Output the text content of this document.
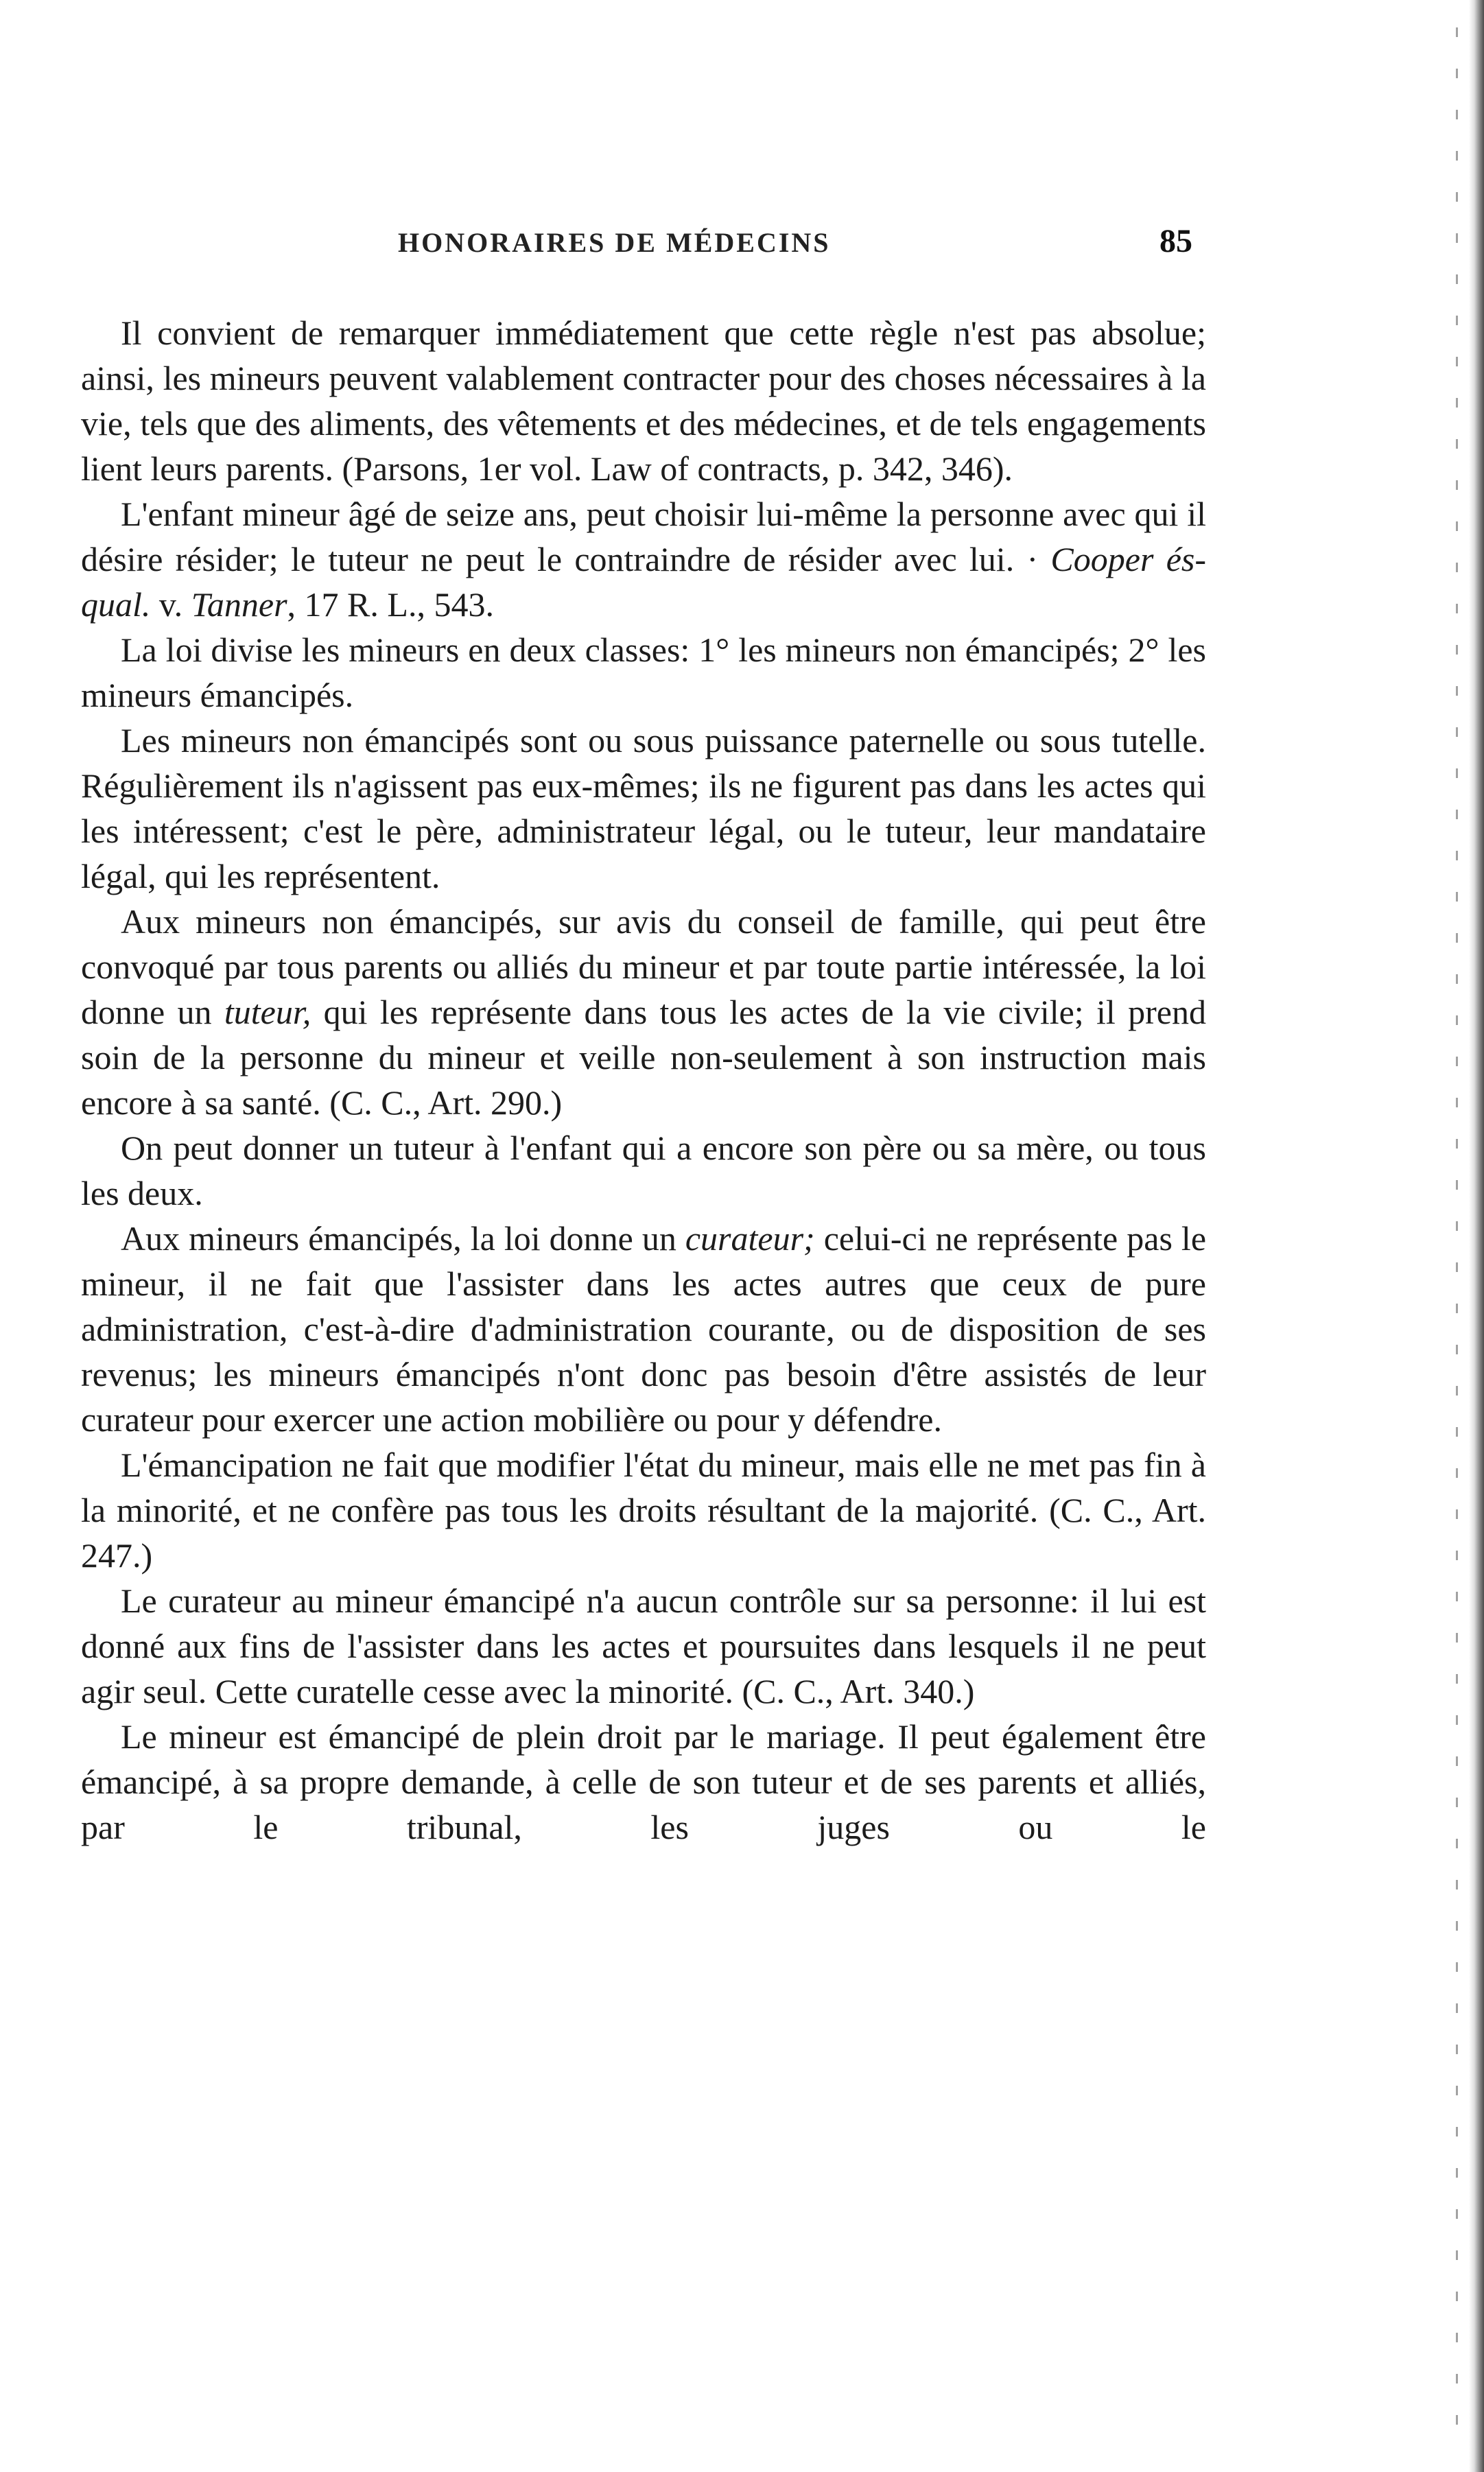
HONORAIRES DE MÉDECINS	85

Il convient de remarquer immédiatement que cette règle n'est pas absolue; ainsi, les mineurs peuvent valablement contracter pour des choses nécessaires à la vie, tels que des aliments, des vêtements et des médecines, et de tels engagements lient leurs parents. (Parsons, 1er vol. Law of contracts, p. 342, 346).

L'enfant mineur âgé de seize ans, peut choisir lui-même la personne avec qui il désire résider; le tuteur ne peut le contraindre de résider avec lui. · Cooper és-qual. v. Tanner, 17 R. L., 543.

La loi divise les mineurs en deux classes: 1° les mineurs non émancipés; 2° les mineurs émancipés.

Les mineurs non émancipés sont ou sous puissance paternelle ou sous tutelle. Régulièrement ils n'agissent pas eux-mêmes; ils ne figurent pas dans les actes qui les intéressent; c'est le père, administrateur légal, ou le tuteur, leur mandataire légal, qui les représentent.

Aux mineurs non émancipés, sur avis du conseil de famille, qui peut être convoqué par tous parents ou alliés du mineur et par toute partie intéressée, la loi donne un tuteur, qui les représente dans tous les actes de la vie civile; il prend soin de la personne du mineur et veille non-seulement à son instruction mais encore à sa santé. (C. C., Art. 290.)

On peut donner un tuteur à l'enfant qui a encore son père ou sa mère, ou tous les deux.

Aux mineurs émancipés, la loi donne un curateur; celui-ci ne représente pas le mineur, il ne fait que l'assister dans les actes autres que ceux de pure administration, c'est-à-dire d'administration courante, ou de disposition de ses revenus; les mineurs émancipés n'ont donc pas besoin d'être assistés de leur curateur pour exercer une action mobilière ou pour y défendre.

L'émancipation ne fait que modifier l'état du mineur, mais elle ne met pas fin à la minorité, et ne confère pas tous les droits résultant de la majorité. (C. C., Art. 247.)

Le curateur au mineur émancipé n'a aucun contrôle sur sa personne: il lui est donné aux fins de l'assister dans les actes et poursuites dans lesquels il ne peut agir seul. Cette curatelle cesse avec la minorité. (C. C., Art. 340.)

Le mineur est émancipé de plein droit par le mariage. Il peut également être émancipé, à sa propre demande, à celle de son tuteur et de ses parents et alliés, par le tribunal, les juges ou le
